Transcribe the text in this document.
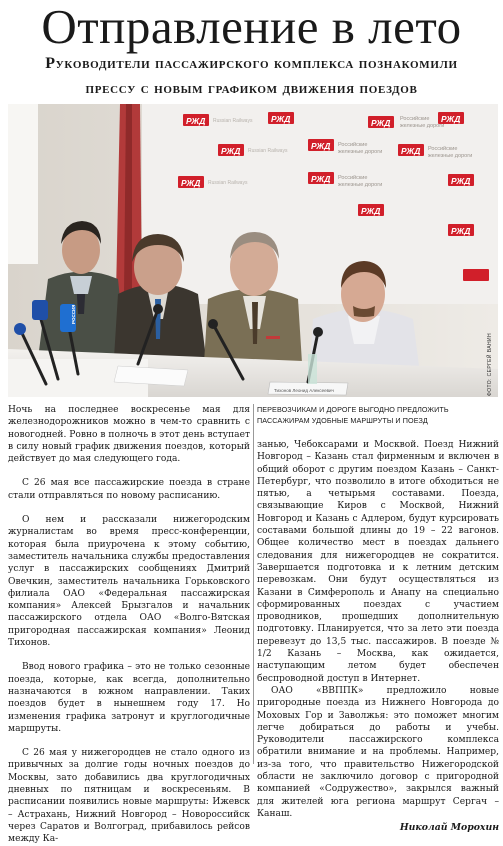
Отправление в лето
Руководители пассажирского комплекса познакомили
прессу с новым графиком движения поездов
РЖД	РЖД	РЖД	РЖД
РЖД	РЖД	РЖД
РЖД	РЖД	РЖД
РЖД
РЖД
Russian Railways
Russian Railways
Russian Railways
Российские
железные дороги
Российские
железные дороги	Российские
железные дороги
Российские
железные дороги
Тихонов Леонид Алексеевич
РОССИЯ
ФОТО: СЕРГЕЙ ВАНИН

Ночь на последнее воскресенье мая для железнодорожников можно в чем-то сравнить с новогодней. Ровно в полночь в этот день вступает в силу новый график движения поездов, который действует до мая следующего года.

С 26 мая все пассажирские поезда в стране стали отправляться по новому расписанию.

О нем и рассказали нижегородским журналистам во время пресс-конференции, которая была приурочена к этому событию, заместитель начальника службы предоставления услуг в пассажирских сообщениях Дмитрий Овечкин, заместитель начальника Горьковского филиала ОАО «Федеральная пассажирская компания» Алексей Брызгалов и начальник пассажирского отдела ОАО «Волго-Вятская пригородная пассажирская компания» Леонид Тихонов.

Ввод нового графика – это не только сезонные поезда, которые, как всегда, дополнительно назначаются в южном направлении. Таких поездов будет в нынешнем году 17. Но изменения графика затронут и круглогодичные маршруты.

С 26 мая у нижегородцев не стало одного из привычных за долгие годы ночных поездов до Москвы, зато добавились два круглогодичных дневных по пятницам и воскресеньям. В расписании появились новые маршруты: Ижевск – Астрахань, Нижний Новгород – Новороссийск через Саратов и Волгоград, прибавилось рейсов между Ка-

ПЕРЕВОЗЧИКАМ И ДОРОГЕ ВЫГОДНО ПРЕДЛОЖИТЬ ПАССАЖИРАМ УДОБНЫЕ МАРШРУТЫ И ПОЕЗД

занью, Чебоксарами и Москвой. Поезд Нижний Новгород – Казань стал фирменным и включен в общий оборот с другим поездом Казань – Санкт-Петербург, что позволило в итоге обходиться не пятью, а четырьмя составами. Поезда, связывающие Киров с Москвой, Нижний Новгород и Казань с Адлером, будут курсировать составами большой длины до 19 – 22 вагонов. Общее количество мест в поездах дальнего следования для нижегородцев не сократится. Завершается подготовка и к летним детским перевозкам. Они будут осуществляться из Казани в Симферополь и Анапу на специально сформированных поездах с участием проводников, прошедших дополнительную подготовку. Планируется, что за лето эти поезда перевезут до 13,5 тыс. пассажиров. В поезде № 1/2 Казань – Москва, как ожидается, наступающим летом будет обеспечен беспроводной доступ в Интернет.

ОАО «ВВППК» предложило новые пригородные поезда из Нижнего Новгорода до Моховых Гор и Заволжья: это поможет многим легче добираться до работы и учебы. Руководители пассажирского комплекса обратили внимание и на проблемы. Например, из-за того, что правительство Нижегородской области не заключило договор с пригородной компанией «Содружество», закрылся важный для жителей юга региона маршрут Сергач – Канаш.

Николай Морохин
